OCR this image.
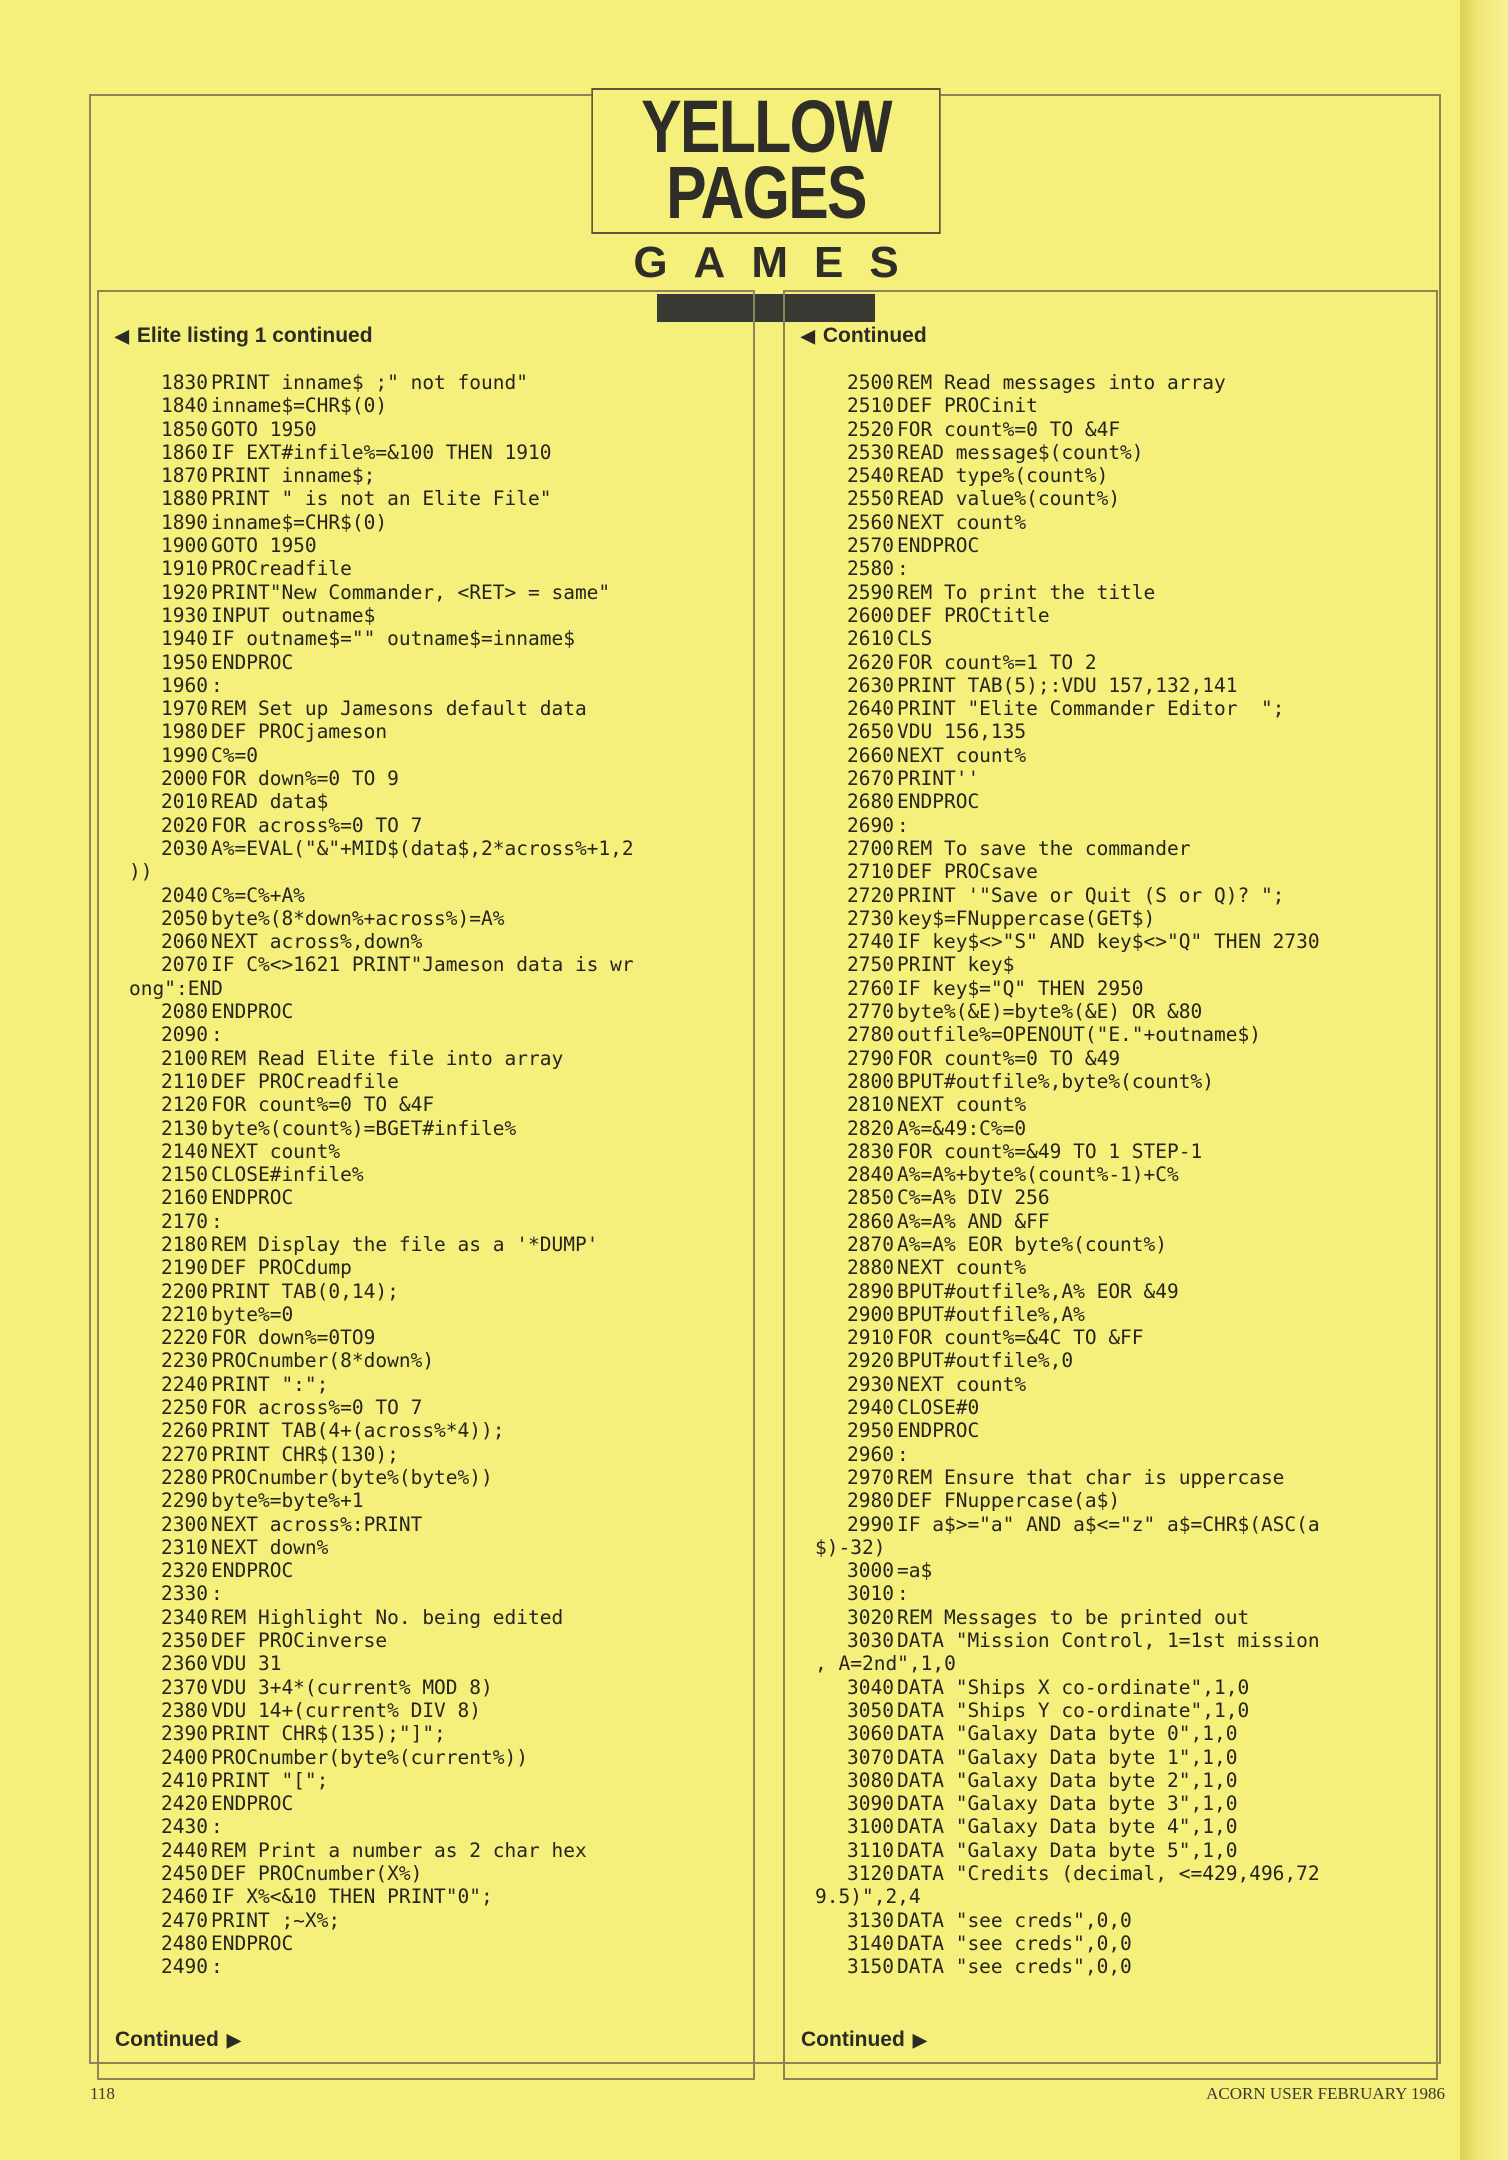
YELLOW PAGES
GAMES
◀ Elite listing 1 continued
1830 PRINT inname$ ;" not found"
1840 inname$=CHR$(0)
1850 GOTO 1950
1860 IF EXT#infile%=&100 THEN 1910
1870 PRINT inname$;
1880 PRINT " is not an Elite File"
1890 inname$=CHR$(0)
1900 GOTO 1950
1910 PROCreadfile
1920 PRINT"New Commander, <RET> = same"
1930 INPUT outname$
1940 IF outname$="" outname$=inname$
1950 ENDPROC
1960 :
1970 REM Set up Jamesons default data
1980 DEF PROCjameson
1990 C%=0
2000 FOR down%=0 TO 9
2010 READ data$
2020 FOR across%=0 TO 7
2030 A%=EVAL("&"+MID$(data$,2*across%+1,2
))
2040 C%=C%+A%
2050 byte%(8*down%+across%)=A%
2060 NEXT across%,down%
2070 IF C%<>1621 PRINT"Jameson data is wr
ong":END
2080 ENDPROC
2090 :
2100 REM Read Elite file into array
2110 DEF PROCreadfile
2120 FOR count%=0 TO &4F
2130 byte%(count%)=BGET#infile%
2140 NEXT count%
2150 CLOSE#infile%
2160 ENDPROC
2170 :
2180 REM Display the file as a '*DUMP'
2190 DEF PROCdump
2200 PRINT TAB(0,14);
2210 byte%=0
2220 FOR down%=0TO9
2230 PROCnumber(8*down%)
2240 PRINT ":";
2250 FOR across%=0 TO 7
2260 PRINT TAB(4+(across%*4));
2270 PRINT CHR$(130);
2280 PROCnumber(byte%(byte%))
2290 byte%=byte%+1
2300 NEXT across%:PRINT
2310 NEXT down%
2320 ENDPROC
2330 :
2340 REM Highlight No. being edited
2350 DEF PROCinverse
2360 VDU 31
2370 VDU 3+4*(current% MOD 8)
2380 VDU 14+(current% DIV 8)
2390 PRINT CHR$(135);"]";
2400 PROCnumber(byte%(current%))
2410 PRINT "[";
2420 ENDPROC
2430 :
2440 REM Print a number as 2 char hex
2450 DEF PROCnumber(X%)
2460 IF X%<&10 THEN PRINT"0";
2470 PRINT ;~X%;
2480 ENDPROC
2490 :
Continued ▶
◀ Continued
2500 REM Read messages into array
2510 DEF PROCinit
2520 FOR count%=0 TO &4F
2530 READ message$(count%)
2540 READ type%(count%)
2550 READ value%(count%)
2560 NEXT count%
2570 ENDPROC
2580 :
2590 REM To print the title
2600 DEF PROCtitle
2610 CLS
2620 FOR count%=1 TO 2
2630 PRINT TAB(5);:VDU 157,132,141
2640 PRINT "Elite Commander Editor  ";
2650 VDU 156,135
2660 NEXT count%
2670 PRINT''
2680 ENDPROC
2690 :
2700 REM To save the commander
2710 DEF PROCsave
2720 PRINT '"Save or Quit (S or Q)? ";
2730 key$=FNuppercase(GET$)
2740 IF key$<>"S" AND key$<>"Q" THEN 2730
2750 PRINT key$
2760 IF key$="Q" THEN 2950
2770 byte%(&E)=byte%(&E) OR &80
2780 outfile%=OPENOUT("E."+outname$)
2790 FOR count%=0 TO &49
2800 BPUT#outfile%,byte%(count%)
2810 NEXT count%
2820 A%=&49:C%=0
2830 FOR count%=&49 TO 1 STEP-1
2840 A%=A%+byte%(count%-1)+C%
2850 C%=A% DIV 256
2860 A%=A% AND &FF
2870 A%=A% EOR byte%(count%)
2880 NEXT count%
2890 BPUT#outfile%,A% EOR &49
2900 BPUT#outfile%,A%
2910 FOR count%=&4C TO &FF
2920 BPUT#outfile%,0
2930 NEXT count%
2940 CLOSE#0
2950 ENDPROC
2960 :
2970 REM Ensure that char is uppercase
2980 DEF FNuppercase(a$)
2990 IF a$>="a" AND a$<="z" a$=CHR$(ASC(a
$)-32)
3000 =a$
3010 :
3020 REM Messages to be printed out
3030 DATA "Mission Control, 1=1st mission
, A=2nd",1,0
3040 DATA "Ships X co-ordinate",1,0
3050 DATA "Ships Y co-ordinate",1,0
3060 DATA "Galaxy Data byte 0",1,0
3070 DATA "Galaxy Data byte 1",1,0
3080 DATA "Galaxy Data byte 2",1,0
3090 DATA "Galaxy Data byte 3",1,0
3100 DATA "Galaxy Data byte 4",1,0
3110 DATA "Galaxy Data byte 5",1,0
3120 DATA "Credits (decimal, <=429,496,72
9.5)",2,4
3130 DATA "see creds",0,0
3140 DATA "see creds",0,0
3150 DATA "see creds",0,0
Continued ▶
118	ACORN USER FEBRUARY 1986
